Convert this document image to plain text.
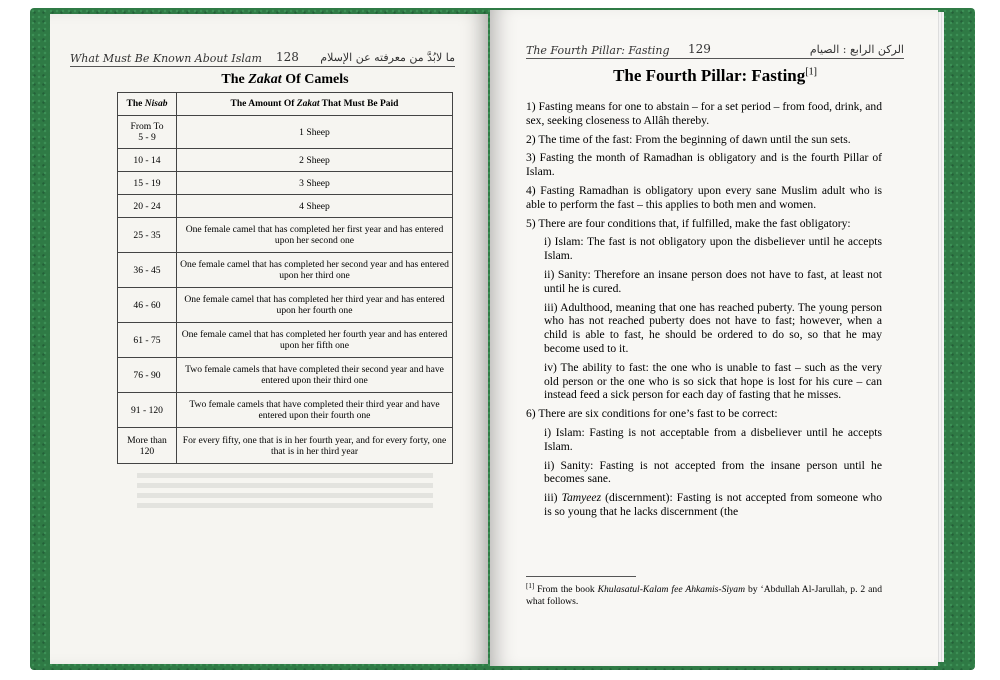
What Must Be Known About Islam 128 ما لابُدَّ من معرفته عن الإسلام
The Zakat Of Camels
The Nisab	The Amount Of Zakat That Must Be Paid
From To
5 - 9	1 Sheep
10 - 14	2 Sheep
15 - 19	3 Sheep
20 - 24	4 Sheep
25 - 35	One female camel that has completed her first year and has entered upon her second one
36 - 45	One female camel that has completed her second year and has entered upon her third one
46 - 60	One female camel that has completed her third year and has entered upon her fourth one
61 - 75	One female camel that has completed her fourth year and has entered upon her fifth one
76 - 90	Two female camels that have completed their second year and have entered upon their third one
91 - 120	Two female camels that have completed their third year and have entered upon their fourth one
More than
120	For every fifty, one that is in her fourth year, and for every forty, one that is in her third year
The Fourth Pillar: Fasting 129	الركن الرابع : الصيام
The Fourth Pillar: Fasting[1]

1) Fasting means for one to abstain – for a set period – from food, drink, and sex, seeking closeness to Allâh thereby.

2) The time of the fast: From the beginning of dawn until the sun sets.

3) Fasting the month of Ramadhan is obligatory and is the fourth Pillar of Islam.

4) Fasting Ramadhan is obligatory upon every sane Muslim adult who is able to perform the fast – this applies to both men and women.

5) There are four conditions that, if fulfilled, make the fast obligatory:

i) Islam: The fast is not obligatory upon the disbeliever until he accepts Islam.

ii) Sanity: Therefore an insane person does not have to fast, at least not until he is cured.

iii) Adulthood, meaning that one has reached puberty. The young person who has not reached puberty does not have to fast; however, when a child is able to fast, he should be ordered to do so, so that he may become used to it.

iv) The ability to fast: the one who is unable to fast – such as the very old person or the one who is so sick that hope is lost for his cure – can instead feed a sick person for each day of fasting that he misses.

6) There are six conditions for one’s fast to be correct:

i) Islam: Fasting is not acceptable from a disbeliever until he accepts Islam.

ii) Sanity: Fasting is not accepted from the insane person until he becomes sane.

iii) Tamyeez (discernment): Fasting is not accepted from someone who is so young that he lacks discernment (the

[1] From the book Khulasatul-Kalam fee Ahkamis-Siyam by ‘Abdullah Al-Jarullah, p. 2 and what follows.
